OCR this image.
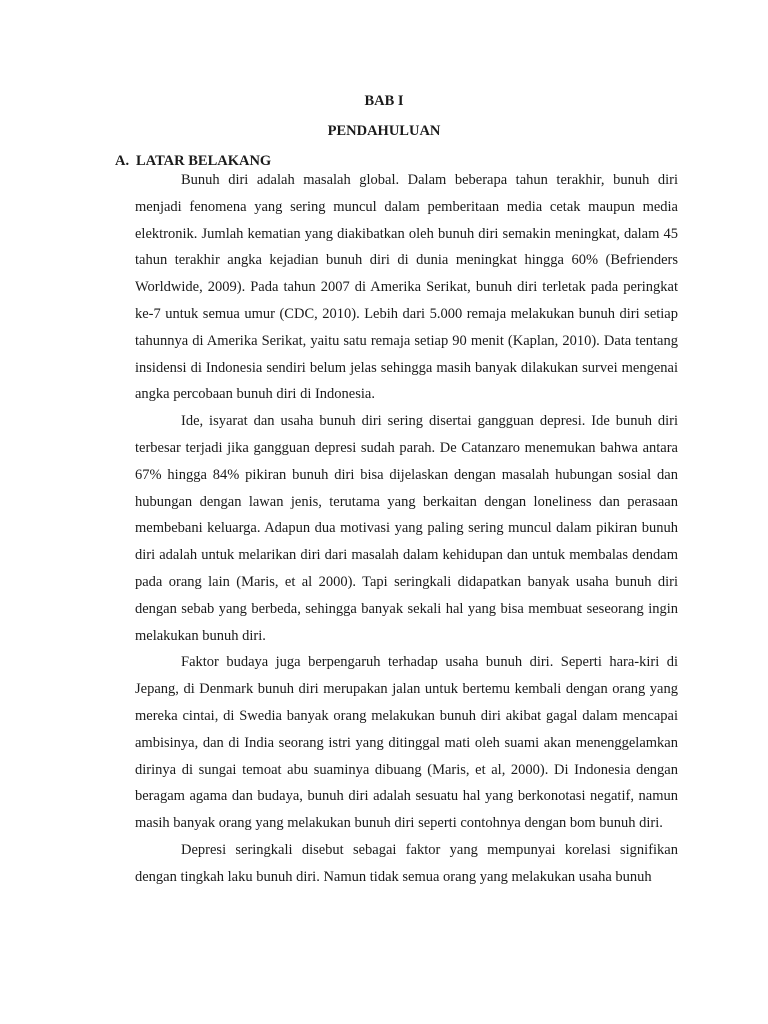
BAB I
PENDAHULUAN
A. LATAR BELAKANG

Bunuh diri adalah masalah global. Dalam beberapa tahun terakhir, bunuh diri menjadi fenomena yang sering muncul dalam pemberitaan media cetak maupun media elektronik. Jumlah kematian yang diakibatkan oleh bunuh diri semakin meningkat, dalam 45 tahun terakhir angka kejadian bunuh diri di dunia meningkat hingga 60% (Befrienders Worldwide, 2009). Pada tahun 2007 di Amerika Serikat, bunuh diri terletak pada peringkat ke-7 untuk semua umur (CDC, 2010). Lebih dari 5.000 remaja melakukan bunuh diri setiap tahunnya di Amerika Serikat, yaitu satu remaja setiap 90 menit (Kaplan, 2010). Data tentang insidensi di Indonesia sendiri belum jelas sehingga masih banyak dilakukan survei mengenai angka percobaan bunuh diri di Indonesia.

Ide, isyarat dan usaha bunuh diri sering disertai gangguan depresi. Ide bunuh diri terbesar terjadi jika gangguan depresi sudah parah. De Catanzaro menemukan bahwa antara 67% hingga 84% pikiran bunuh diri bisa dijelaskan dengan masalah hubungan sosial dan hubungan dengan lawan jenis, terutama yang berkaitan dengan loneliness dan perasaan membebani keluarga. Adapun dua motivasi yang paling sering muncul dalam pikiran bunuh diri adalah untuk melarikan diri dari masalah dalam kehidupan dan untuk membalas dendam pada orang lain (Maris, et al 2000). Tapi seringkali didapatkan banyak usaha bunuh diri dengan sebab yang berbeda, sehingga banyak sekali hal yang bisa membuat seseorang ingin melakukan bunuh diri.

Faktor budaya juga berpengaruh terhadap usaha bunuh diri. Seperti hara-kiri di Jepang, di Denmark bunuh diri merupakan jalan untuk bertemu kembali dengan orang yang mereka cintai, di Swedia banyak orang melakukan bunuh diri akibat gagal dalam mencapai ambisinya, dan di India seorang istri yang ditinggal mati oleh suami akan menenggelamkan dirinya di sungai temoat abu suaminya dibuang (Maris, et al, 2000). Di Indonesia dengan beragam agama dan budaya, bunuh diri adalah sesuatu hal yang berkonotasi negatif, namun masih banyak orang yang melakukan bunuh diri seperti contohnya dengan bom bunuh diri.

Depresi seringkali disebut sebagai faktor yang mempunyai korelasi signifikan dengan tingkah laku bunuh diri. Namun tidak semua orang yang melakukan usaha bunuh
